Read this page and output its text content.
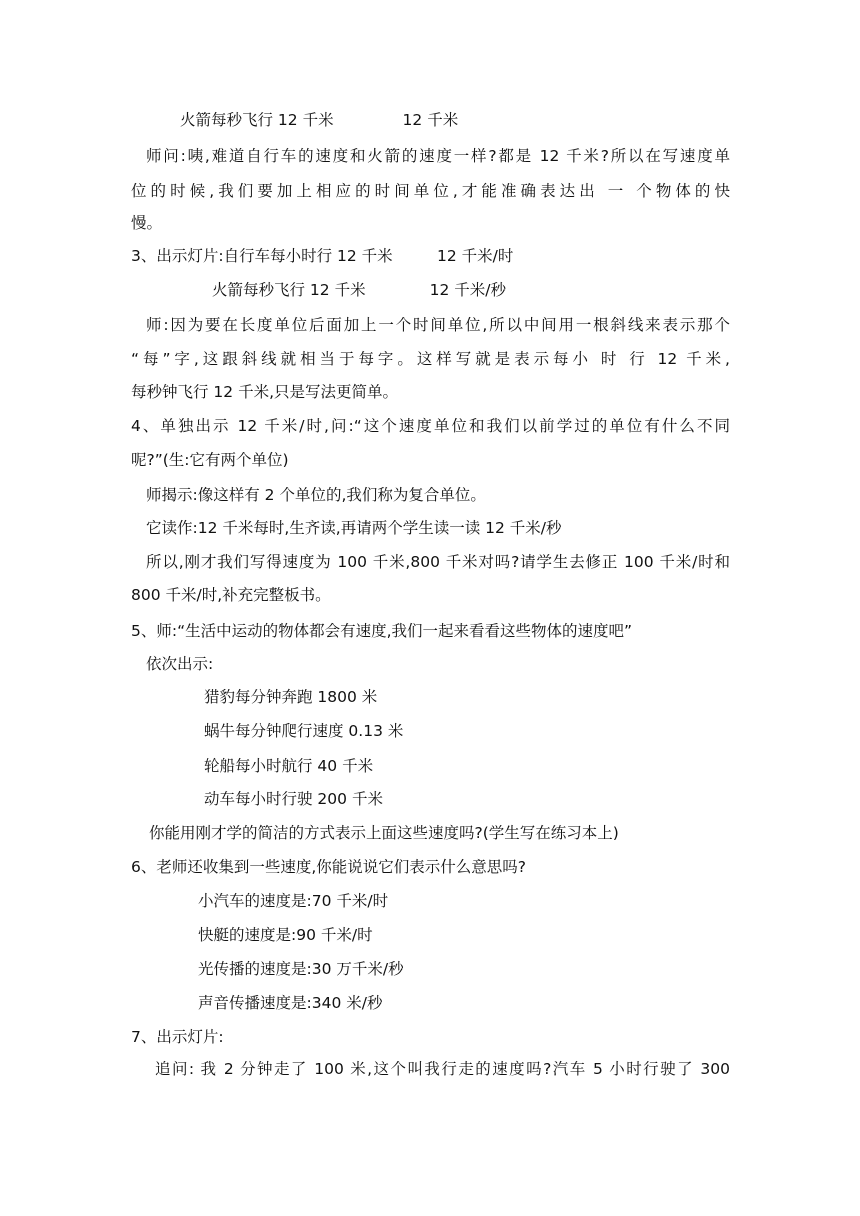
火箭每秒飞行 12 千米              12 千米
师问:咦,难道自行车的速度和火箭的速度一样?都是 12 千米?所以在写速度单
位的时候,我们要加上相应的时间单位,才能准确表达出 一 个物体的快
慢。
3、出示灯片:自行车每小时行 12 千米         12 千米/时
火箭每秒飞行 12 千米             12 千米/秒
师:因为要在长度单位后面加上一个时间单位,所以中间用一根斜线来表示那个
“每”字,这跟斜线就相当于每字。这样写就是表示每小 时 行 12 千米,
每秒钟飞行 12 千米,只是写法更简单。
4、单独出示 12 千米/时,问:“这个速度单位和我们以前学过的单位有什么不同
呢?”(生:它有两个单位)
师揭示:像这样有 2 个单位的,我们称为复合单位。
它读作:12 千米每时,生齐读,再请两个学生读一读 12 千米/秒
所以,刚才我们写得速度为 100 千米,800 千米对吗?请学生去修正 100 千米/时和
800 千米/时,补充完整板书。
5、师:“生活中运动的物体都会有速度,我们一起来看看这些物体的速度吧”
依次出示:
猎豹每分钟奔跑 1800 米
蜗牛每分钟爬行速度 0.13 米
轮船每小时航行 40 千米
动车每小时行驶 200 千米
你能用刚才学的简洁的方式表示上面这些速度吗?(学生写在练习本上)
6、老师还收集到一些速度,你能说说它们表示什么意思吗?
小汽车的速度是:70 千米/时
快艇的速度是:90 千米/时
光传播的速度是:30 万千米/秒
声音传播速度是:340 米/秒
7、出示灯片:
追问: 我 2 分钟走了 100 米,这个叫我行走的速度吗?汽车 5 小时行驶了 300
